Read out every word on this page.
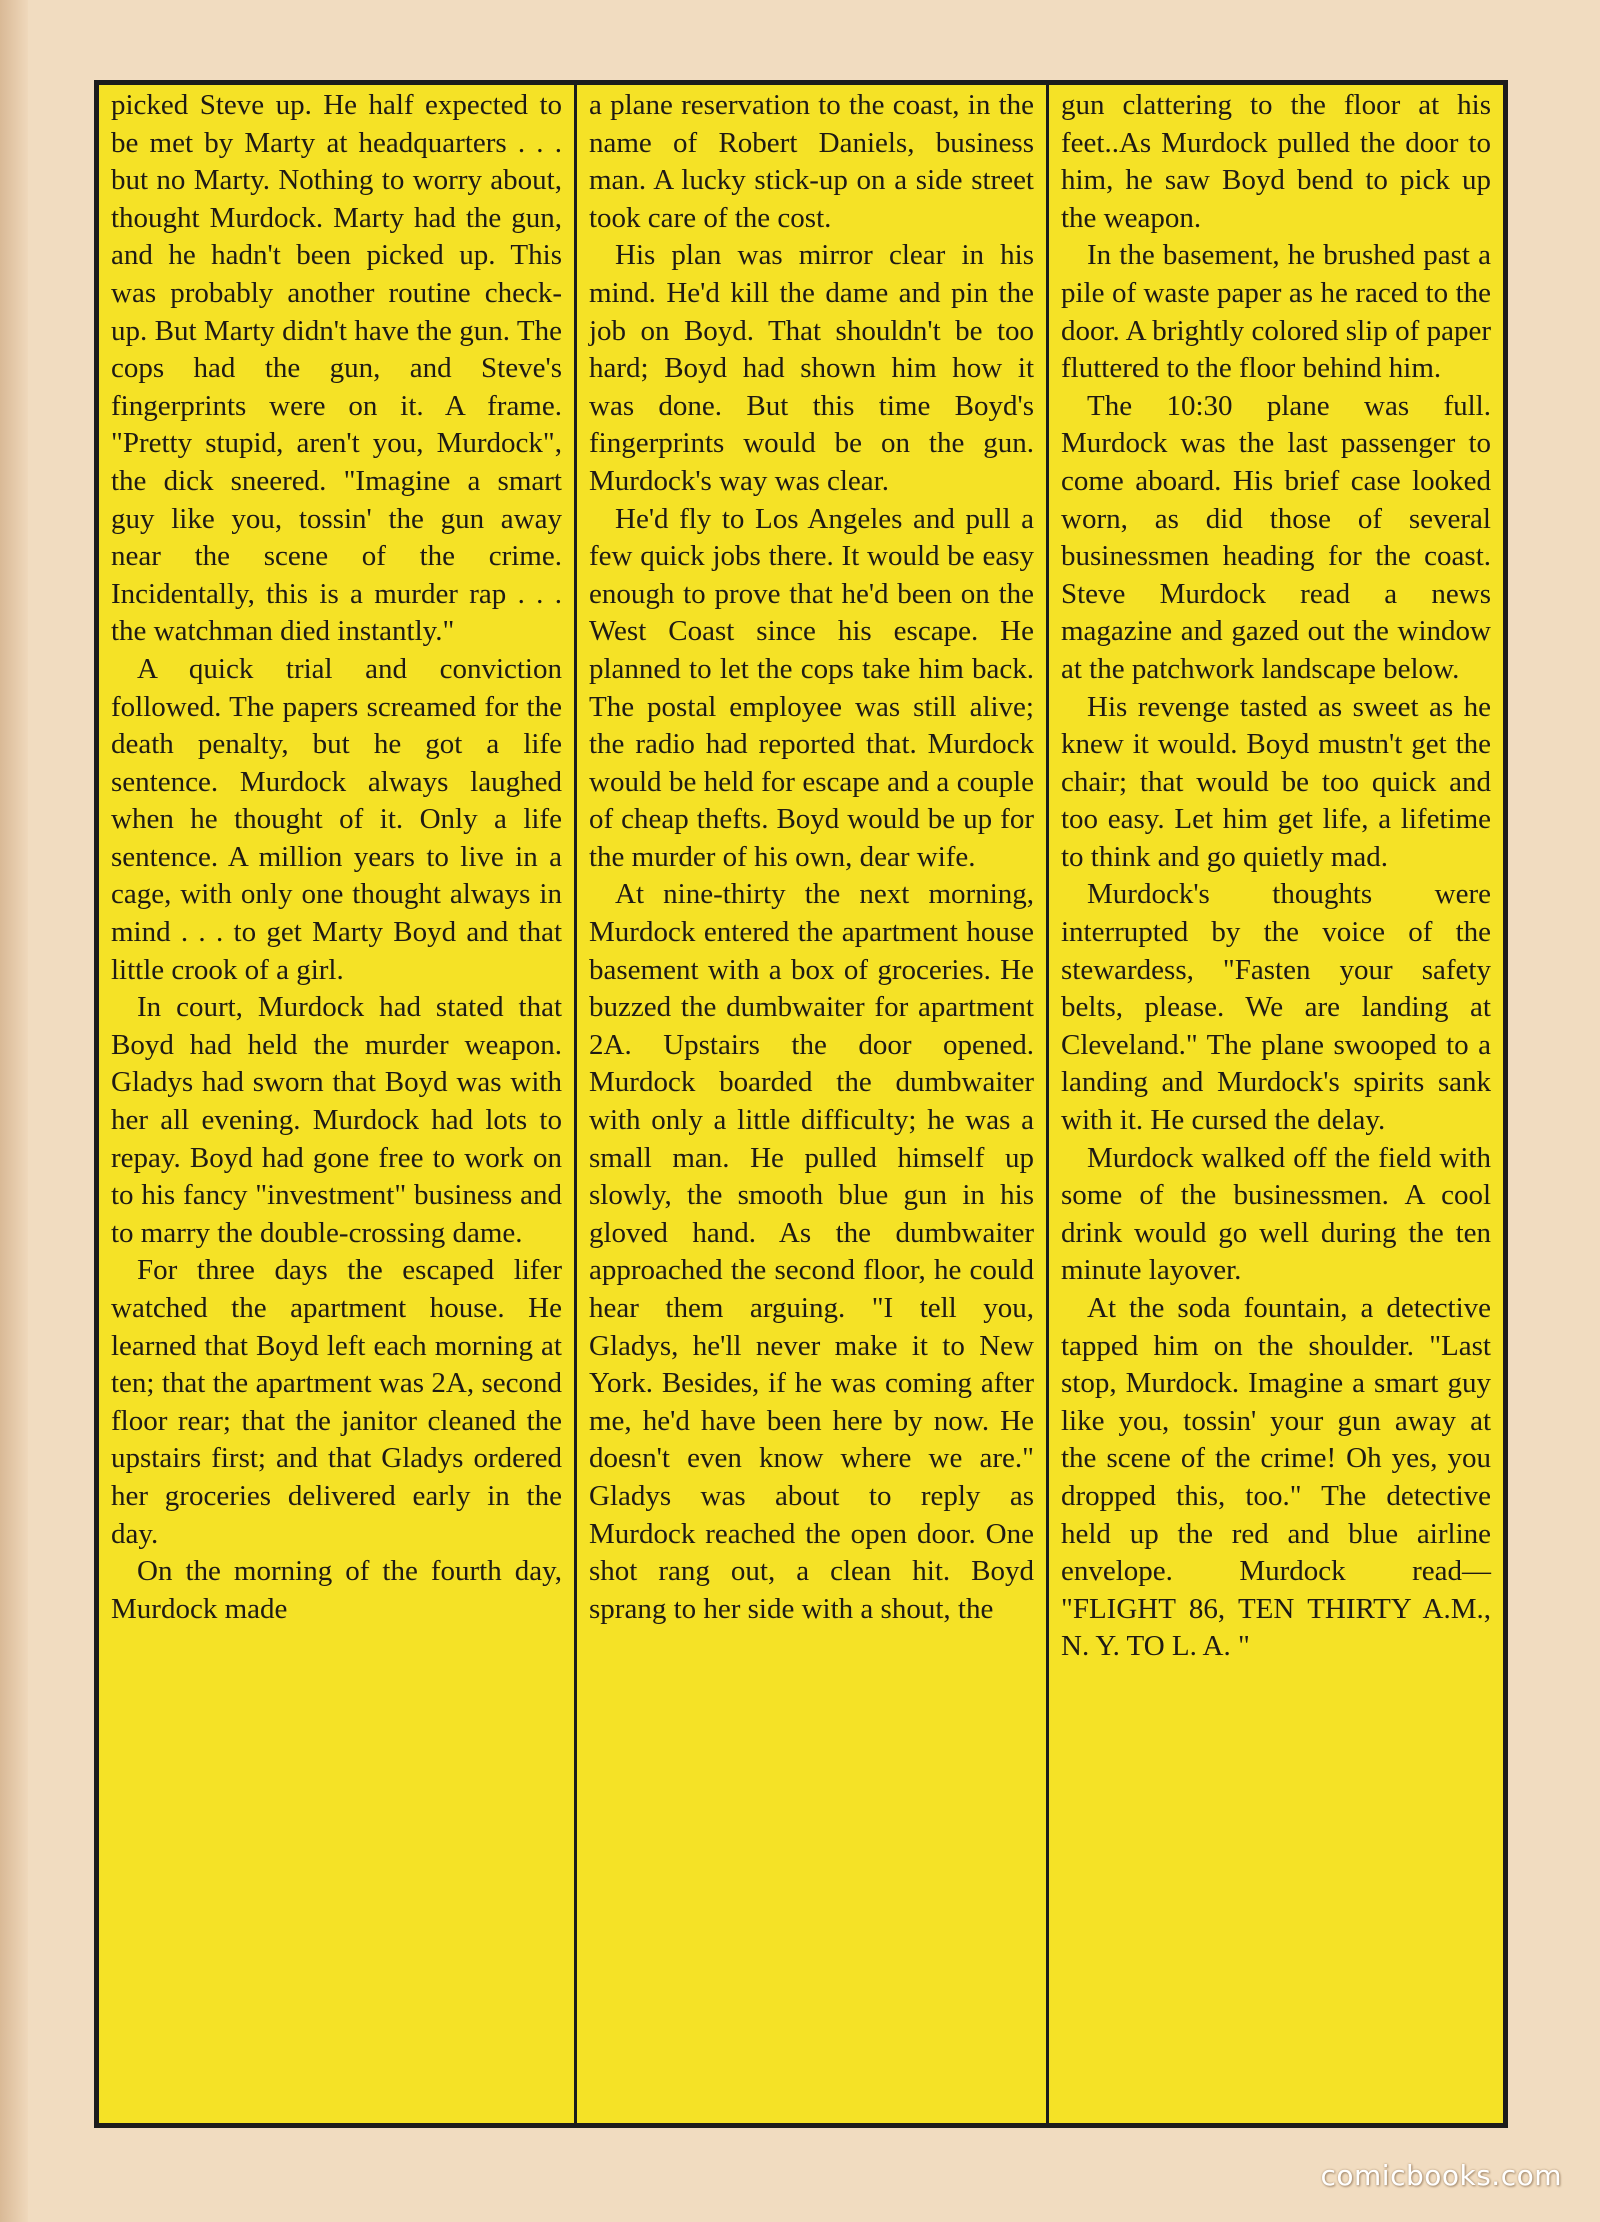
picked Steve up. He half expected to be met by Marty at headquarters . . . but no Marty. Nothing to worry about, thought Murdock. Marty had the gun, and he hadn't been picked up. This was probably another routine check-up. But Marty didn't have the gun. The cops had the gun, and Steve's fingerprints were on it. A frame. "Pretty stupid, aren't you, Murdock", the dick sneered. "Imagine a smart guy like you, tossin' the gun away near the scene of the crime. Incidentally, this is a murder rap . . . the watchman died instantly."

A quick trial and conviction followed. The papers screamed for the death penalty, but he got a life sentence. Murdock always laughed when he thought of it. Only a life sentence. A million years to live in a cage, with only one thought always in mind . . . to get Marty Boyd and that little crook of a girl.

In court, Murdock had stated that Boyd had held the murder weapon. Gladys had sworn that Boyd was with her all evening. Murdock had lots to repay. Boyd had gone free to work on to his fancy "investment" business and to marry the double-crossing dame.

For three days the escaped lifer watched the apartment house. He learned that Boyd left each morning at ten; that the apartment was 2A, second floor rear; that the janitor cleaned the upstairs first; and that Gladys ordered her groceries delivered early in the day.

On the morning of the fourth day, Murdock made

a plane reservation to the coast, in the name of Robert Daniels, business man. A lucky stick-up on a side street took care of the cost.

His plan was mirror clear in his mind. He'd kill the dame and pin the job on Boyd. That shouldn't be too hard; Boyd had shown him how it was done. But this time Boyd's fingerprints would be on the gun. Murdock's way was clear.

He'd fly to Los Angeles and pull a few quick jobs there. It would be easy enough to prove that he'd been on the West Coast since his escape. He planned to let the cops take him back. The postal employee was still alive; the radio had reported that. Murdock would be held for escape and a couple of cheap thefts. Boyd would be up for the murder of his own, dear wife.

At nine-thirty the next morning, Murdock entered the apartment house basement with a box of groceries. He buzzed the dumbwaiter for apartment 2A. Upstairs the door opened. Murdock boarded the dumbwaiter with only a little difficulty; he was a small man. He pulled himself up slowly, the smooth blue gun in his gloved hand. As the dumbwaiter approached the second floor, he could hear them arguing. "I tell you, Gladys, he'll never make it to New York. Besides, if he was coming after me, he'd have been here by now. He doesn't even know where we are." Gladys was about to reply as Murdock reached the open door. One shot rang out, a clean hit. Boyd sprang to her side with a shout, the

gun clattering to the floor at his feet..As Murdock pulled the door to him, he saw Boyd bend to pick up the weapon.

In the basement, he brushed past a pile of waste paper as he raced to the door. A brightly colored slip of paper fluttered to the floor behind him.

The 10:30 plane was full. Murdock was the last passenger to come aboard. His brief case looked worn, as did those of several businessmen heading for the coast. Steve Murdock read a news magazine and gazed out the window at the patchwork landscape below.

His revenge tasted as sweet as he knew it would. Boyd mustn't get the chair; that would be too quick and too easy. Let him get life, a lifetime to think and go quietly mad.

Murdock's thoughts were interrupted by the voice of the stewardess, "Fasten your safety belts, please. We are landing at Cleveland." The plane swooped to a landing and Murdock's spirits sank with it. He cursed the delay.

Murdock walked off the field with some of the businessmen. A cool drink would go well during the ten minute layover.

At the soda fountain, a detective tapped him on the shoulder. "Last stop, Murdock. Imagine a smart guy like you, tossin' your gun away at the scene of the crime! Oh yes, you dropped this, too." The detective held up the red and blue airline envelope. Murdock read— "FLIGHT 86, TEN THIRTY A.M., N. Y. TO L. A. "

comicbooks.com
